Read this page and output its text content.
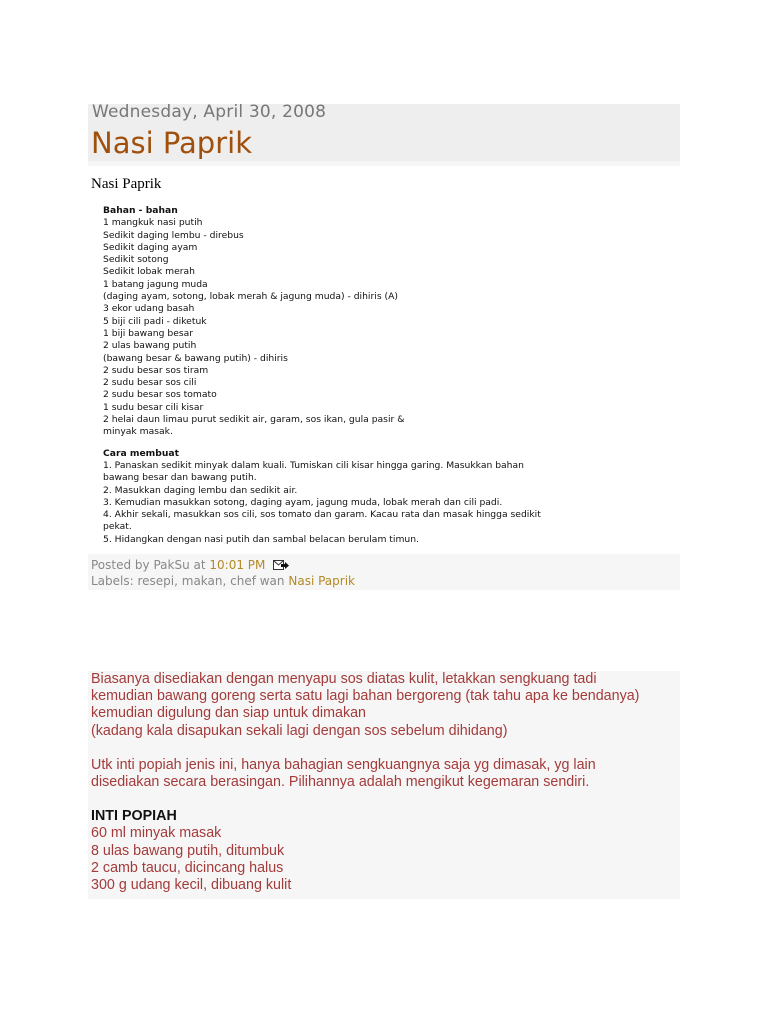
Wednesday, April 30, 2008
Nasi Paprik
Nasi Paprik
Bahan - bahan
1 mangkuk nasi putih
Sedikit daging lembu - direbus
Sedikit daging ayam
Sedikit sotong
Sedikit lobak merah
1 batang jagung muda
(daging ayam, sotong, lobak merah & jagung muda) - dihiris (A)
3 ekor udang basah
5 biji cili padi - diketuk
1 biji bawang besar
2 ulas bawang putih
(bawang besar & bawang putih) - dihiris
2 sudu besar sos tiram
2 sudu besar sos cili
2 sudu besar sos tomato
1 sudu besar cili kisar
2 helai daun limau purut sedikit air, garam, sos ikan, gula pasir &
minyak masak.
Cara membuat
1. Panaskan sedikit minyak dalam kuali. Tumiskan cili kisar hingga garing. Masukkan bahan
bawang besar dan bawang putih.
2. Masukkan daging lembu dan sedikit air.
3. Kemudian masukkan sotong, daging ayam, jagung muda, lobak merah dan cili padi.
4. Akhir sekali, masukkan sos cili, sos tomato dan garam. Kacau rata dan masak hingga sedikit
pekat.
5. Hidangkan dengan nasi putih dan sambal belacan berulam timun.
Posted by PakSu at 10:01 PM
Labels: resepi, makan, chef wan Nasi Paprik
Biasanya disediakan dengan menyapu sos diatas kulit, letakkan sengkuang tadi
kemudian bawang goreng serta satu lagi bahan bergoreng (tak tahu apa ke bendanya)
kemudian digulung dan siap untuk dimakan
(kadang kala disapukan sekali lagi dengan sos sebelum dihidang)
Utk inti popiah jenis ini, hanya bahagian sengkuangnya saja yg dimasak, yg lain
disediakan secara berasingan. Pilihannya adalah mengikut kegemaran sendiri.
INTI POPIAH
60 ml minyak masak
8 ulas bawang putih, ditumbuk
2 camb taucu, dicincang halus
300 g udang kecil, dibuang kulit
